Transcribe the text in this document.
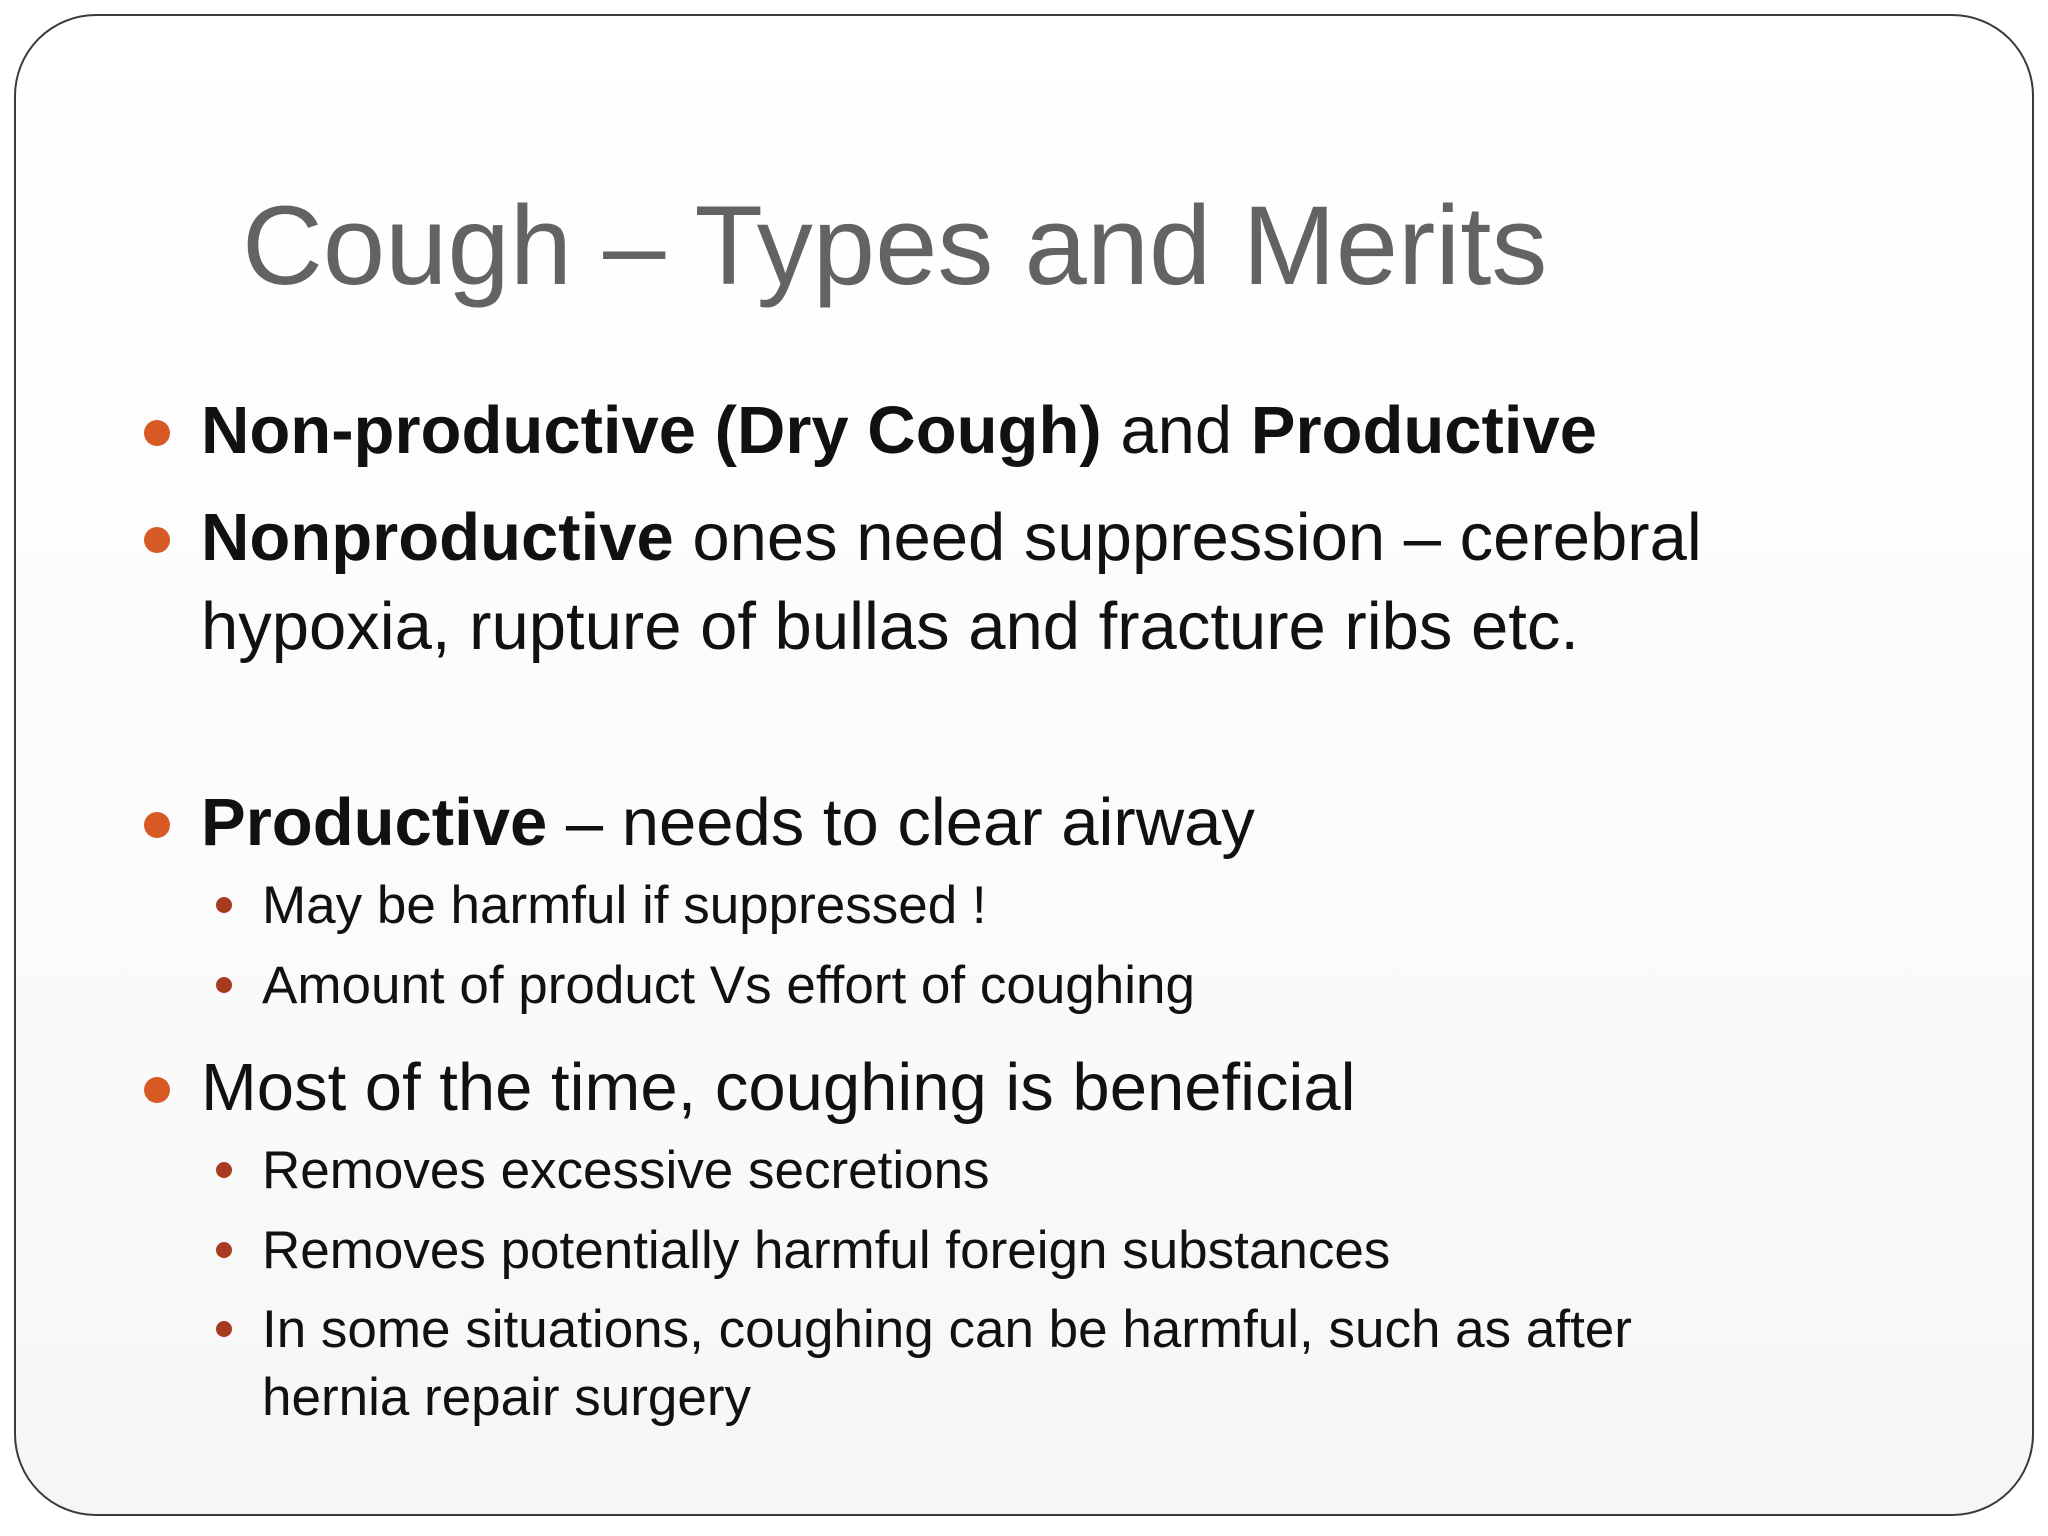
Cough – Types and Merits
Non-productive (Dry Cough) and Productive
Nonproductive ones need suppression – cerebral hypoxia, rupture of bullas and fracture ribs etc.
Productive – needs to clear airway
May be harmful if suppressed !
Amount of product Vs effort of coughing
Most of the time, coughing is beneficial
Removes excessive secretions
Removes potentially harmful foreign substances
In some situations, coughing can be harmful, such as after hernia repair surgery
